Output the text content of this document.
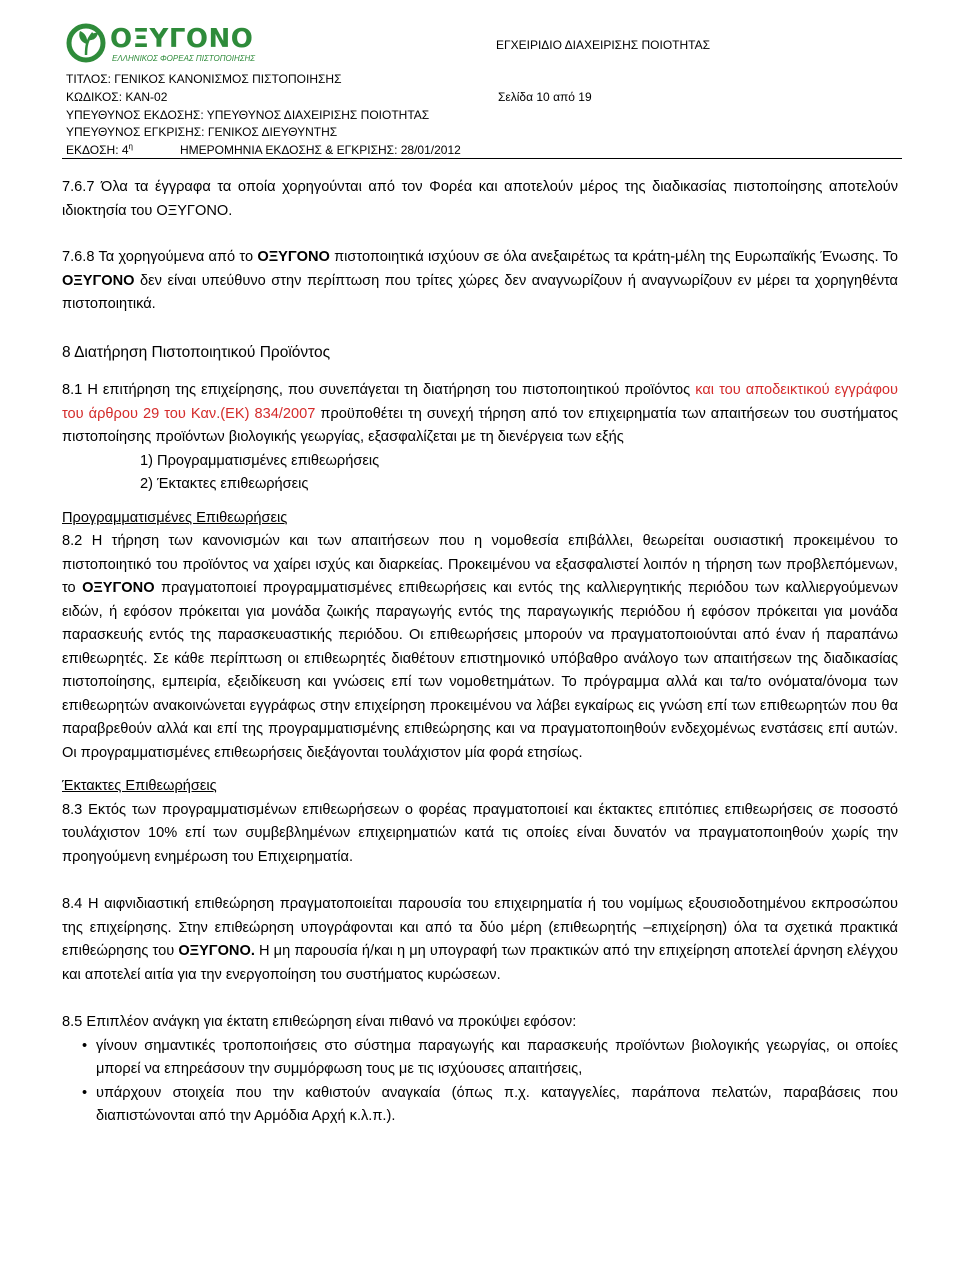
ΟΞΥΓΟΝΟ
ΕΛΛΗΝΙΚΟΣ ΦΟΡΕΑΣ ΠΙΣΤΟΠΟΙΗΣΗΣ
ΕΓΧΕΙΡΙΔΙΟ ΔΙΑΧΕΙΡΙΣΗΣ ΠΟΙΟΤΗΤΑΣ
ΤΙΤΛΟΣ: ΓΕΝΙΚΟΣ ΚΑΝΟΝΙΣΜΟΣ ΠΙΣΤΟΠΟΙΗΣΗΣ
ΚΩΔΙΚΟΣ: ΚΑΝ-02	Σελίδα 10 από 19
ΥΠΕΥΘΥΝΟΣ ΕΚΔΟΣΗΣ: ΥΠΕΥΘΥΝΟΣ ΔΙΑΧΕΙΡΙΣΗΣ ΠΟΙΟΤΗΤΑΣ
ΥΠΕΥΘΥΝΟΣ ΕΓΚΡΙΣΗΣ: ΓΕΝΙΚΟΣ ΔΙΕΥΘΥΝΤΗΣ
ΕΚΔΟΣΗ: $4^\eta$	ΗΜΕΡΟΜΗΝΙΑ ΕΚΔΟΣΗΣ & ΕΓΚΡΙΣΗΣ: 28/01/2012

7.6.7 Όλα τα έγγραφα τα οποία χορηγούνται από τον Φορέα και αποτελούν μέρος της διαδικασίας πιστοποίησης αποτελούν ιδιοκτησία του ΟΞΥΓΟΝΟ.

7.6.8 Τα χορηγούμενα από το ΟΞΥΓΟΝΟ πιστοποιητικά ισχύουν σε όλα ανεξαιρέτως τα κράτη-μέλη της Ευρωπαϊκής Ένωσης. Το ΟΞΥΓΟΝΟ δεν είναι υπεύθυνο στην περίπτωση που τρίτες χώρες δεν αναγνωρίζουν ή αναγνωρίζουν εν μέρει τα χορηγηθέντα πιστοποιητικά.

8 Διατήρηση Πιστοποιητικού Προϊόντος

8.1 Η επιτήρηση της επιχείρησης, που συνεπάγεται τη διατήρηση του πιστοποιητικού προϊόντος και του αποδεικτικού εγγράφου του άρθρου 29 του Καν.(ΕΚ) 834/2007 προϋποθέτει τη συνεχή τήρηση από τον επιχειρηματία των απαιτήσεων του συστήματος πιστοποίησης προϊόντων βιολογικής γεωργίας, εξασφαλίζεται με τη διενέργεια των εξής

1) Προγραμματισμένες επιθεωρήσεις

2) Έκτακτες επιθεωρήσεις

Προγραμματισμένες Επιθεωρήσεις

8.2 Η τήρηση των κανονισμών και των απαιτήσεων που η νομοθεσία επιβάλλει, θεωρείται ουσιαστική προκειμένου το πιστοποιητικό του προϊόντος να χαίρει ισχύς και διαρκείας. Προκειμένου να εξασφαλιστεί λοιπόν η τήρηση των προβλεπόμενων, το ΟΞΥΓΟΝΟ πραγματοποιεί προγραμματισμένες επιθεωρήσεις και εντός της καλλιεργητικής περιόδου των καλλιεργούμενων ειδών, ή εφόσον πρόκειται για μονάδα ζωικής παραγωγής εντός της παραγωγικής περιόδου ή εφόσον πρόκειται για μονάδα παρασκευής εντός της παρασκευαστικής περιόδου. Οι επιθεωρήσεις μπορούν να πραγματοποιούνται από έναν ή παραπάνω επιθεωρητές. Σε κάθε περίπτωση οι επιθεωρητές διαθέτουν επιστημονικό υπόβαθρο ανάλογο των απαιτήσεων της διαδικασίας πιστοποίησης, εμπειρία, εξειδίκευση και γνώσεις επί των νομοθετημάτων. Το πρόγραμμα αλλά και τα/το ονόματα/όνομα των επιθεωρητών ανακοινώνεται εγγράφως στην επιχείρηση προκειμένου να λάβει εγκαίρως εις γνώση επί των επιθεωρητών που θα παραβρεθούν αλλά και επί της προγραμματισμένης επιθεώρησης και να πραγματοποιηθούν ενδεχομένως ενστάσεις επί αυτών. Οι προγραμματισμένες επιθεωρήσεις διεξάγονται τουλάχιστον μία φορά ετησίως.

Έκτακτες Επιθεωρήσεις

8.3 Εκτός των προγραμματισμένων επιθεωρήσεων ο φορέας πραγματοποιεί και έκτακτες επιτόπιες επιθεωρήσεις σε ποσοστό τουλάχιστον 10% επί των συμβεβλημένων επιχειρηματιών κατά τις οποίες είναι δυνατόν να πραγματοποιηθούν χωρίς την προηγούμενη ενημέρωση του Επιχειρηματία.

8.4 Η αιφνιδιαστική επιθεώρηση πραγματοποιείται παρουσία του επιχειρηματία ή του νομίμως εξουσιοδοτημένου εκπροσώπου της επιχείρησης. Στην επιθεώρηση υπογράφονται και από τα δύο μέρη (επιθεωρητής –επιχείρηση) όλα τα σχετικά πρακτικά επιθεώρησης του ΟΞΥΓΟΝΟ. Η μη παρουσία ή/και η μη υπογραφή των πρακτικών από την επιχείρηση αποτελεί άρνηση ελέγχου και αποτελεί αιτία για την ενεργοποίηση του συστήματος κυρώσεων.

8.5 Επιπλέον ανάγκη για έκτατη επιθεώρηση είναι πιθανό να προκύψει εφόσον:

• γίνουν σημαντικές τροποποιήσεις στο σύστημα παραγωγής και παρασκευής προϊόντων βιολογικής γεωργίας, οι οποίες μπορεί να επηρεάσουν την συμμόρφωση τους με τις ισχύουσες απαιτήσεις,
• υπάρχουν στοιχεία που την καθιστούν αναγκαία (όπως π.χ. καταγγελίες, παράπονα πελατών, παραβάσεις που διαπιστώνονται από την Αρμόδια Αρχή κ.λ.π.).
